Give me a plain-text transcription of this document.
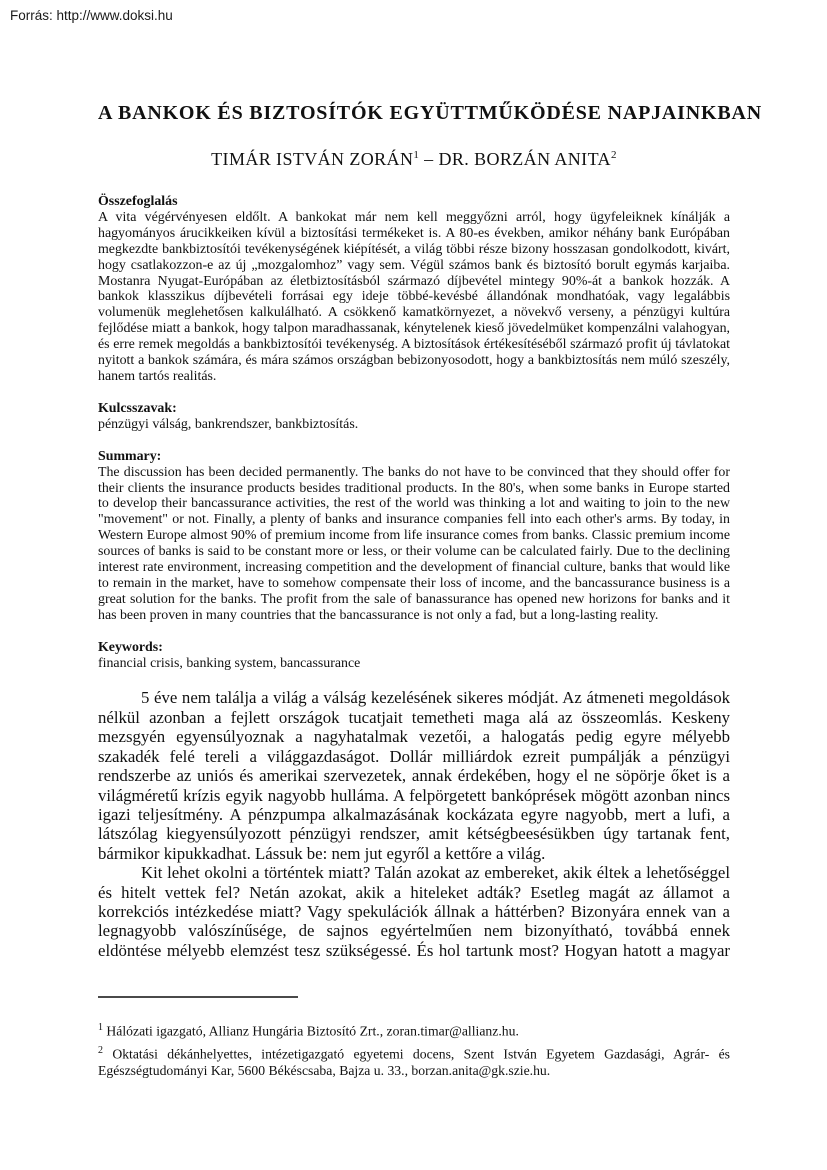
Forrás: http://www.doksi.hu
A BANKOK ÉS BIZTOSÍTÓK EGYÜTTMŰKÖDÉSE NAPJAINKBAN
TIMÁR ISTVÁN ZORÁN$^1$ – DR. BORZÁN ANITA$^2$
Összefoglalás

A vita végérvényesen eldőlt. A bankokat már nem kell meggyőzni arról, hogy ügyfeleiknek kínálják a hagyományos árucikkeiken kívül a biztosítási termékeket is. A 80-es években, amikor néhány bank Európában megkezdte bankbiztosítói tevékenységének kiépítését, a világ többi része bizony hosszasan gondolkodott, kivárt, hogy csatlakozzon-e az új „mozgalomhoz” vagy sem. Végül számos bank és biztosító borult egymás karjaiba. Mostanra Nyugat-Európában az életbiztosításból származó díjbevétel mintegy 90%-át a bankok hozzák. A bankok klasszikus díjbevételi forrásai egy ideje többé-kevésbé állandónak mondhatóak, vagy legalábbis volumenük meglehetősen kalkulálható. A csökkenő kamatkörnyezet, a növekvő verseny, a pénzügyi kultúra fejlődése miatt a bankok, hogy talpon maradhassanak, kénytelenek kieső jövedelmüket kompenzálni valahogyan, és erre remek megoldás a bankbiztosítói tevékenység. A biztosítások értékesítéséből származó profit új távlatokat nyitott a bankok számára, és mára számos országban bebizonyosodott, hogy a bankbiztosítás nem múló szeszély, hanem tartós realitás.

Kulcsszavak:

pénzügyi válság, bankrendszer, bankbiztosítás.

Summary:

The discussion has been decided permanently. The banks do not have to be convinced that they should offer for their clients the insurance products besides traditional products. In the 80's, when some banks in Europe started to develop their bancassurance activities, the rest of the world was thinking a lot and waiting to join to the new "movement" or not. Finally, a plenty of banks and insurance companies fell into each other's arms. By today, in Western Europe almost 90% of premium income from life insurance comes from banks. Classic premium income sources of banks is said to be constant more or less, or their volume can be calculated fairly. Due to the declining interest rate environment, increasing competition and the development of financial culture, banks that would like to remain in the market, have to somehow compensate their loss of income, and the bancassurance business is a great solution for the banks. The profit from the sale of banassurance has opened new horizons for banks and it has been proven in many countries that the bancassurance is not only a fad, but a long-lasting reality.

Keywords:

financial crisis, banking system, bancassurance

5 éve nem találja a világ a válság kezelésének sikeres módját. Az átmeneti megoldások nélkül azonban a fejlett országok tucatjait temetheti maga alá az összeomlás. Keskeny mezsgyén egyensúlyoznak a nagyhatalmak vezetői, a halogatás pedig egyre mélyebb szakadék felé tereli a világgazdaságot. Dollár milliárdok ezreit pumpálják a pénzügyi rendszerbe az uniós és amerikai szervezetek, annak érdekében, hogy el ne söpörje őket is a világméretű krízis egyik nagyobb hulláma. A felpörgetett bankóprések mögött azonban nincs igazi teljesítmény. A pénzpumpa alkalmazásának kockázata egyre nagyobb, mert a lufi, a látszólag kiegyensúlyozott pénzügyi rendszer, amit kétségbeesésükben úgy tartanak fent, bármikor kipukkadhat. Lássuk be: nem jut egyről a kettőre a világ.

Kit lehet okolni a történtek miatt? Talán azokat az embereket, akik éltek a lehetőséggel és hitelt vettek fel? Netán azokat, akik a hiteleket adták? Esetleg magát az államot a korrekciós intézkedése miatt? Vagy spekulációk állnak a háttérben? Bizonyára ennek van a legnagyobb valószínűsége, de sajnos egyértelműen nem bizonyítható, továbbá ennek eldöntése mélyebb elemzést tesz szükségessé. És hol tartunk most? Hogyan hatott a magyar

$^1$ Hálózati igazgató, Allianz Hungária Biztosító Zrt., zoran.timar@allianz.hu.

$^2$ Oktatási dékánhelyettes, intézetigazgató egyetemi docens, Szent István Egyetem Gazdasági, Agrár- és Egészségtudományi Kar, 5600 Békéscsaba, Bajza u. 33., borzan.anita@gk.szie.hu.
